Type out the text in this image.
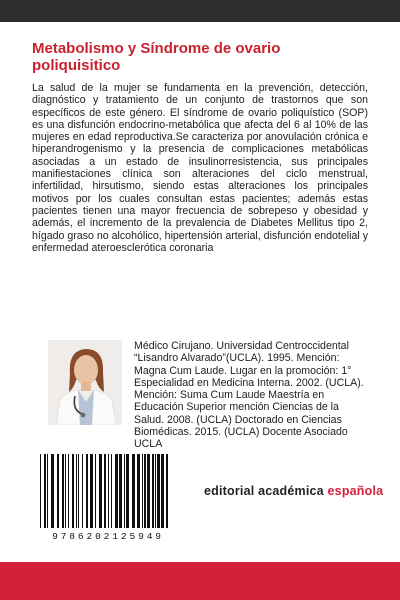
Metabolismo y Síndrome de ovario poliquisitico

La salud de la mujer se fundamenta en la prevención, detección, diagnóstico y tratamiento de un conjunto de trastornos que son específicos de este género. El síndrome de ovario poliquístico (SOP) es una disfunción endocrino-metabólica que afecta del 6 al 10% de las mujeres en edad reproductiva.Se caracteriza por anovulación crónica e hiperandrogenismo y la presencia de complicaciones metabólicas asociadas a un estado de insulinorresistencia, sus principales manifiestaciones clínica son alteraciones del ciclo menstrual, infertilidad, hirsutismo, siendo estas alteraciones los principales motivos por los cuales consultan estas pacientes; además estas pacientes tienen una mayor frecuencia de sobrepeso y obesidad y además, el incremento de la prevalencia de Diabetes Mellitus tipo 2, hígado graso no alcohólico, hipertensión arterial, disfunción endotelial y enfermedad ateroesclerótica coronaria

Médico Cirujano. Universidad Centroccidental “Lisandro Alvarado”(UCLA). 1995. Mención: Magna Cum Laude. Lugar en la promoción: 1° Especialidad en Medicina Interna. 2002. (UCLA). Mención: Suma Cum Laude Maestría en Educación Superior mención Ciencias de la Salud. 2008. (UCLA) Doctorado en Ciencias Biomédicas. 2015. (UCLA) Docente Asociado UCLA

9786202125949
editorial académica española
